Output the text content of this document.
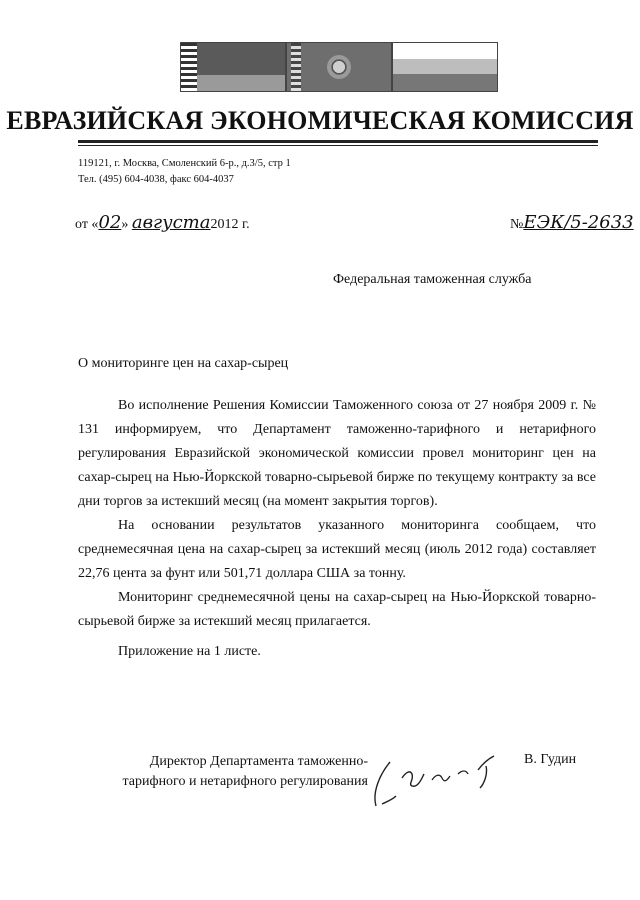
ЕВРАЗИЙСКАЯ ЭКОНОМИЧЕСКАЯ КОМИССИЯ
119121, г. Москва, Смоленский 6-р., д.3/5, стр 1
Тел. (495) 604-4038, факс 604-4037
от «02» августа2012 г.	№ЕЭК/5-2633
Федеральная таможенная служба
О мониторинге цен на сахар-сырец

Во исполнение Решения Комиссии Таможенного союза от 27 ноября 2009 г. № 131 информируем, что Департамент таможенно-тарифного и нетарифного регулирования Евразийской экономической комиссии провел мониторинг цен на сахар-сырец на Нью-Йоркской товарно-сырьевой бирже по текущему контракту за все дни торгов за истекший месяц (на момент закрытия торгов).

На основании результатов указанного мониторинга сообщаем, что среднемесячная цена на сахар-сырец за истекший месяц (июль 2012 года) составляет 22,76 цента за фунт или 501,71 доллара США за тонну.

Мониторинг среднемесячной цены на сахар-сырец на Нью-Йоркской товарно-сырьевой бирже за истекший месяц прилагается.

Приложение на 1 листе.
Директор Департамента таможенно-
тарифного и нетарифного регулирования
В. Гудин
